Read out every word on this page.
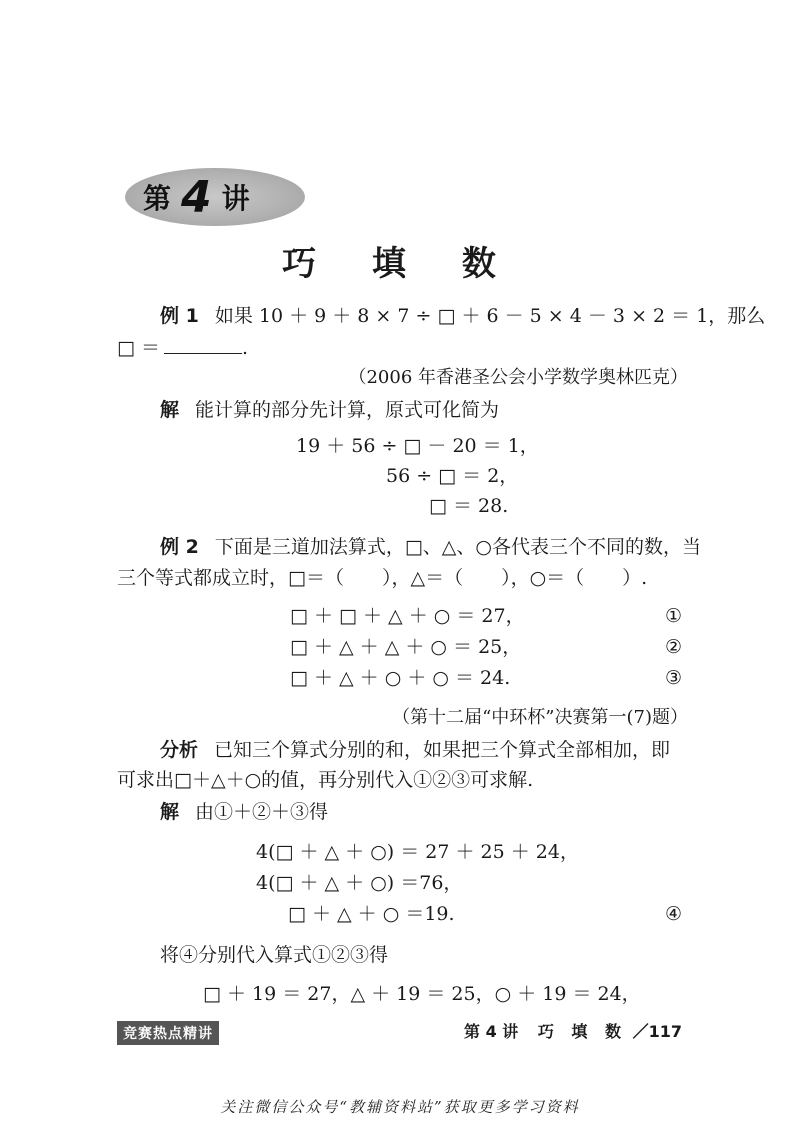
第 4 讲
巧 填 数
例 1 如果 10 ＋ 9 ＋ 8 × 7 ÷ □ ＋ 6 － 5 × 4 － 3 × 2 ＝ 1，那么
□ ＝	.
（2006 年香港圣公会小学数学奥林匹克）
解 能计算的部分先计算，原式可化简为
19 ＋ 56 ÷ □ － 20 ＝ 1，
56 ÷ □ ＝ 2，
□ ＝ 28.
例 2 下面是三道加法算式，□、△、○各代表三个不同的数，当
三个等式都成立时，□＝（　　），△＝（　　），○＝（　　）.
□ ＋ □ ＋ △ ＋ ○ ＝ 27，	①
□ ＋ △ ＋ △ ＋ ○ ＝ 25，	②
□ ＋ △ ＋ ○ ＋ ○ ＝ 24.	③
（第十二届“中环杯”决赛第一(7)题）
分析 已知三个算式分别的和，如果把三个算式全部相加，即
可求出□＋△＋○的值，再分别代入①②③可求解.
解 由①＋②＋③得
4(□ ＋ △ ＋ ○) ＝ 27 ＋ 25 ＋ 24，
4(□ ＋ △ ＋ ○) ＝76，
□ ＋ △ ＋ ○ ＝19.	④
将④分别代入算式①②③得
□ ＋ 19 ＝ 27，△ ＋ 19 ＝ 25，○ ＋ 19 ＝ 24，
竞赛热点精讲	第 4 讲 巧 填 数 ／117
关注微信公众号“教辅资料站”获取更多学习资料
